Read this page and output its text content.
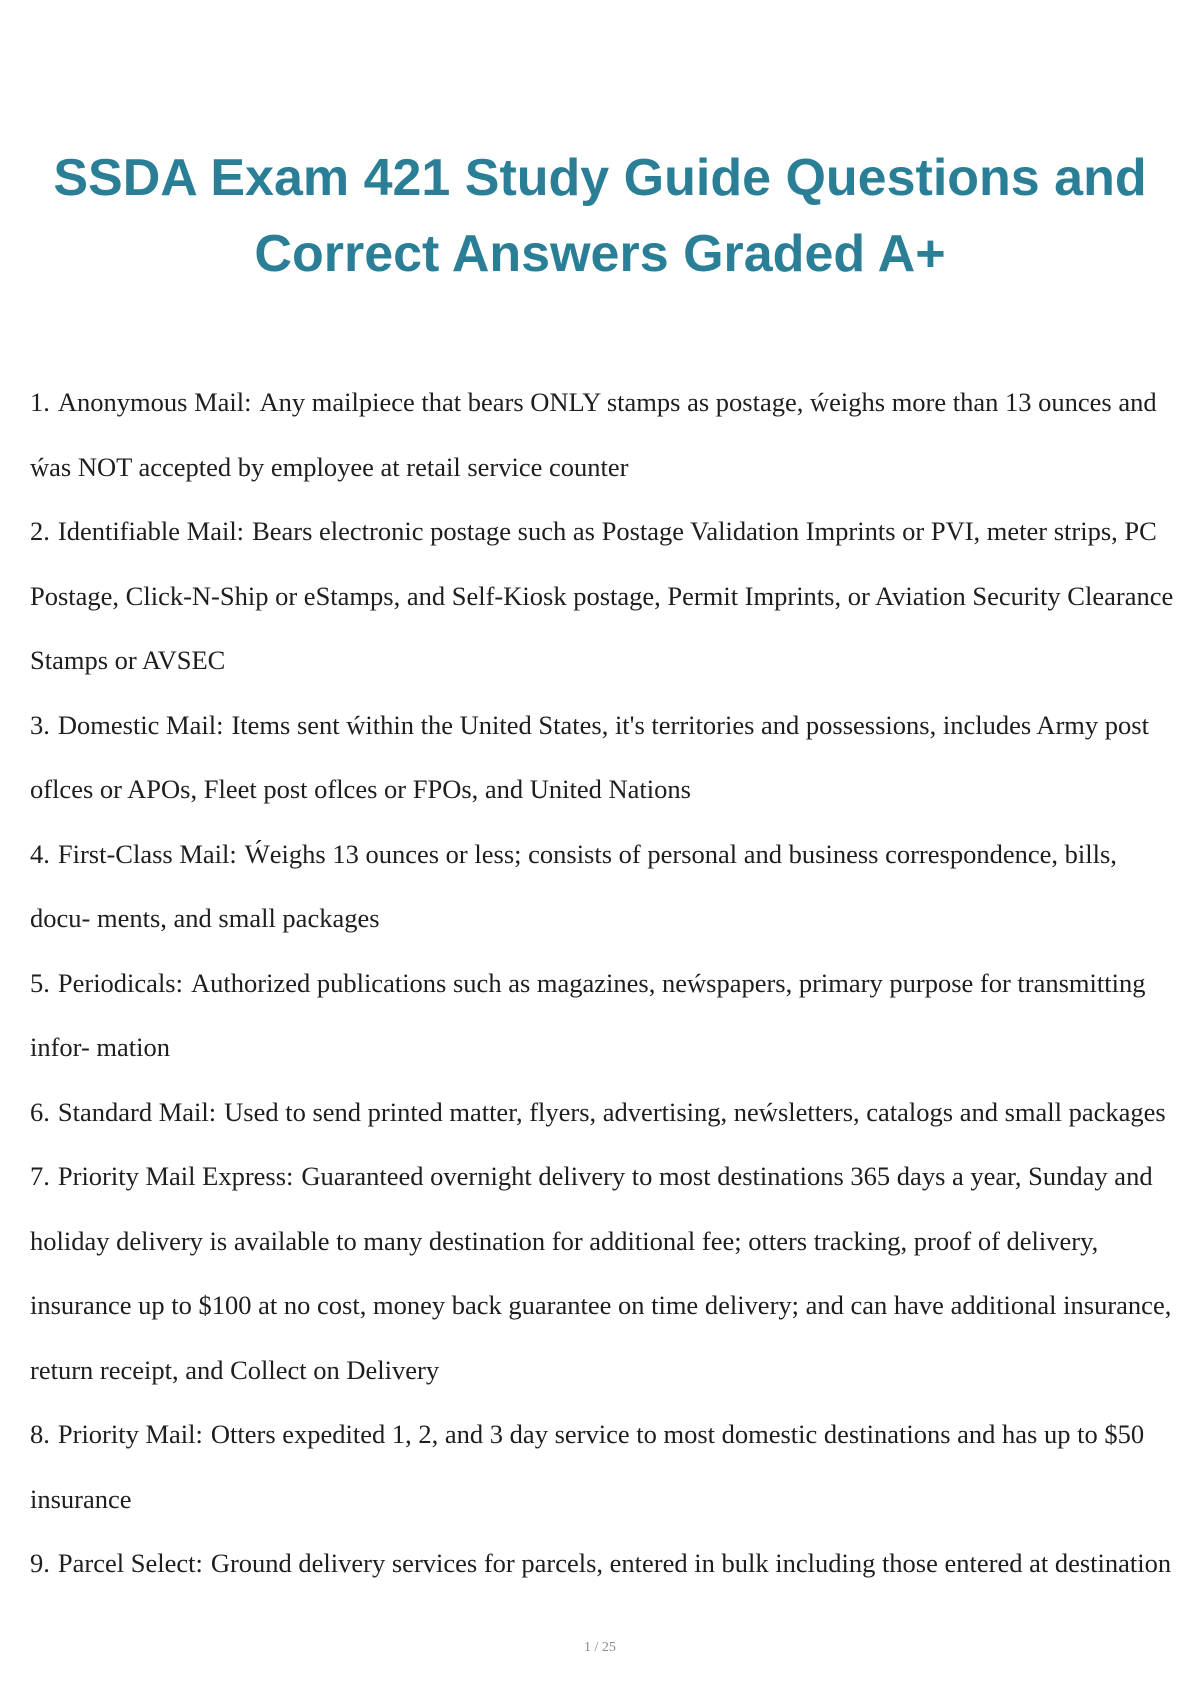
SSDA Exam 421 Study Guide Questions and
Correct Answers Graded A+

1. Anonymous Mail: Any mailpiece that bears ONLY stamps as postage, ẃeighs more than 13 ounces and ẃas NOT accepted by employee at retail service counter

2. Identifiable Mail: Bears electronic postage such as Postage Validation Imprints or PVI, meter strips, PC Postage, Click-N-Ship or eStamps, and Self-Kiosk postage, Permit Imprints, or Aviation Security Clearance Stamps or AVSEC

3. Domestic Mail: Items sent ẃithin the United States, it's territories and possessions, includes Army post oflces or APOs, Fleet post oflces or FPOs, and United Nations

4. First-Class Mail: Ẃeighs 13 ounces or less; consists of personal and business correspondence, bills, docu- ments, and small packages

5. Periodicals: Authorized publications such as magazines, neẃspapers, primary purpose for transmitting infor- mation

6. Standard Mail: Used to send printed matter, flyers, advertising, neẃsletters, catalogs and small packages

7. Priority Mail Express: Guaranteed overnight delivery to most destinations 365 days a year, Sunday and holiday delivery is available to many destination for additional fee; otters tracking, proof of delivery, insurance up to $100 at no cost, money back guarantee on time delivery; and can have additional insurance, return receipt, and Collect on Delivery

8. Priority Mail: Otters expedited 1, 2, and 3 day service to most domestic destinations and has up to $50 insurance

9. Parcel Select: Ground delivery services for parcels, entered in bulk including those entered at destination

1 / 25
